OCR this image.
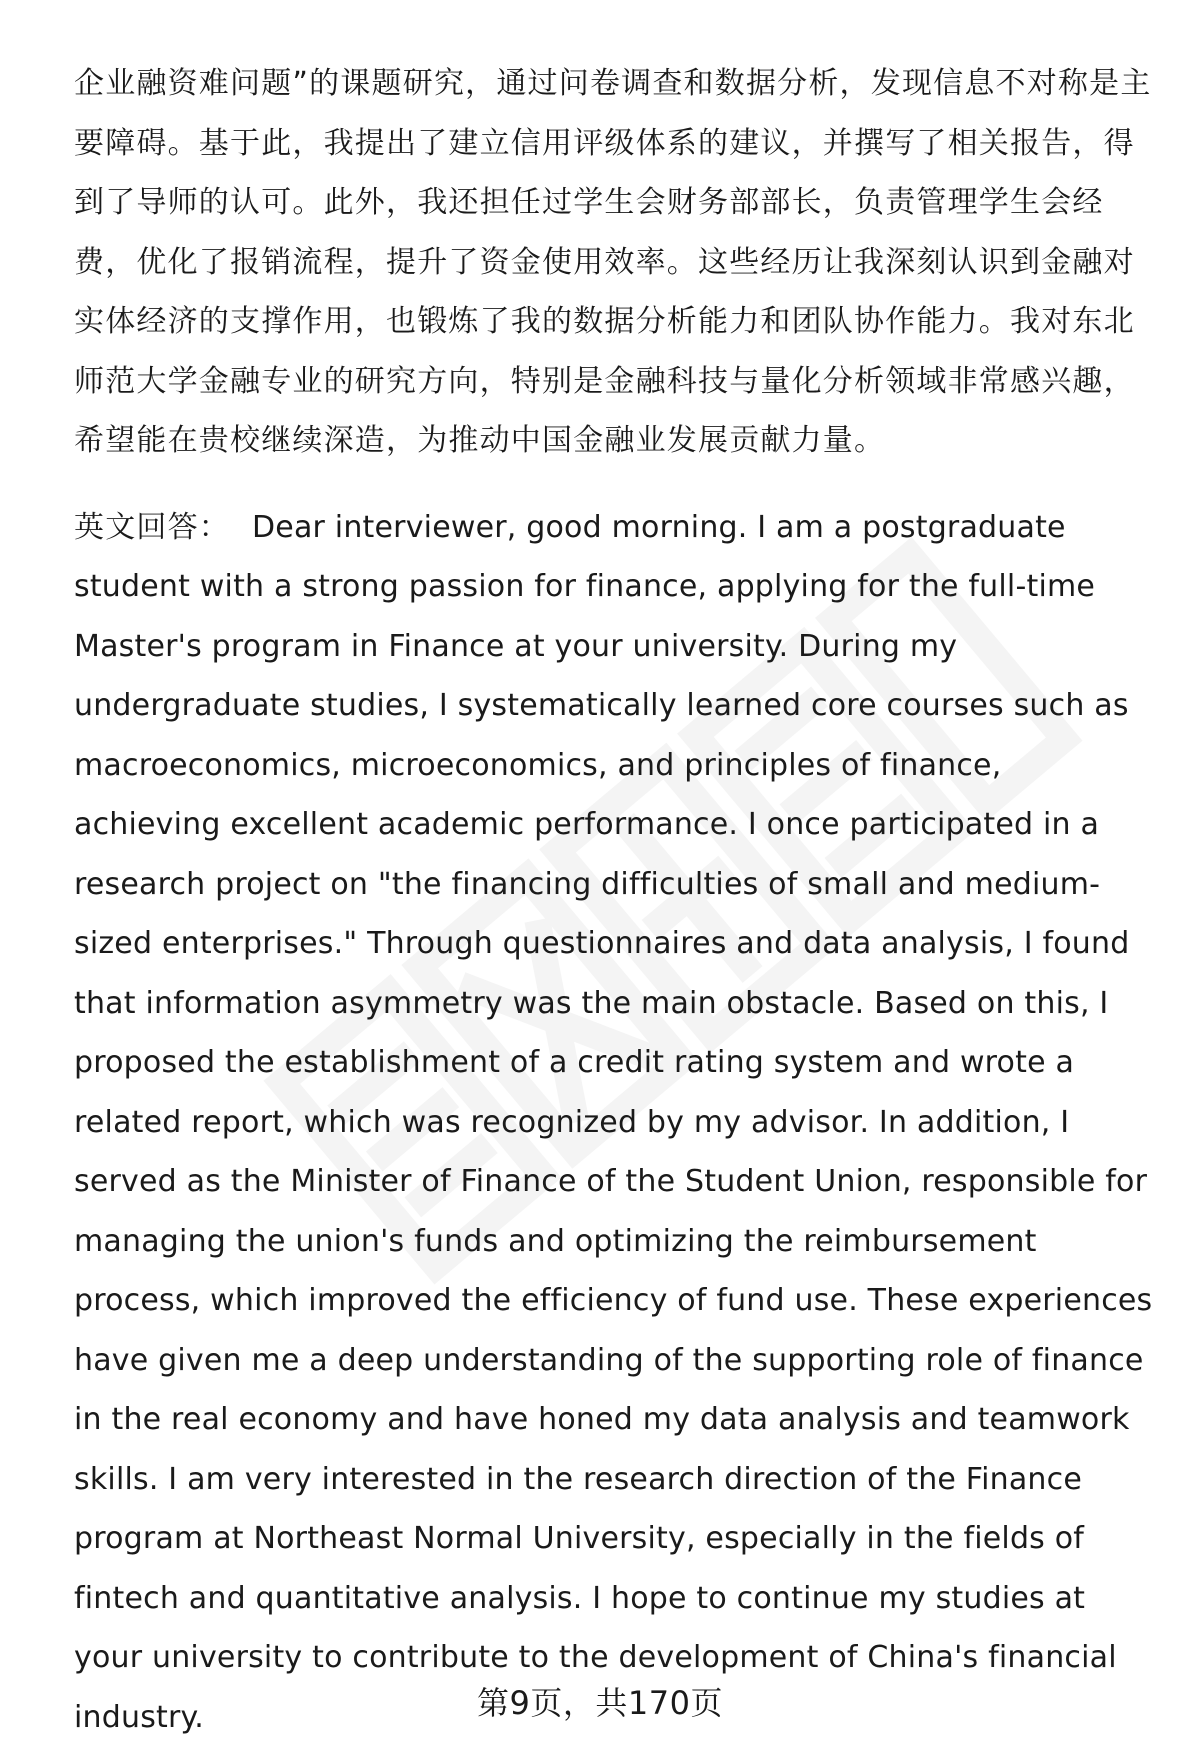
企业融资难问题”的课题研究，通过问卷调查和数据分析，发现信息不对称是主要障碍。基于此，我提出了建立信用评级体系的建议，并撰写了相关报告，得到了导师的认可。此外，我还担任过学生会财务部部长，负责管理学生会经费，优化了报销流程，提升了资金使用效率。这些经历让我深刻认识到金融对实体经济的支撑作用，也锻炼了我的数据分析能力和团队协作能力。我对东北师范大学金融专业的研究方向，特别是金融科技与量化分析领域非常感兴趣，希望能在贵校继续深造，为推动中国金融业发展贡献力量。

英文回答： Dear interviewer, good morning. I am a postgraduate student with a strong passion for finance, applying for the full-time Master's program in Finance at your university. During my undergraduate studies, I systematically learned core courses such as macroeconomics, microeconomics, and principles of finance, achieving excellent academic performance. I once participated in a research project on "the financing difficulties of small and medium-sized enterprises." Through questionnaires and data analysis, I found that information asymmetry was the main obstacle. Based on this, I proposed the establishment of a credit rating system and wrote a related report, which was recognized by my advisor. In addition, I served as the Minister of Finance of the Student Union, responsible for managing the union's funds and optimizing the reimbursement process, which improved the efficiency of fund use. These experiences have given me a deep understanding of the supporting role of finance in the real economy and have honed my data analysis and teamwork skills. I am very interested in the research direction of the Finance program at Northeast Normal University, especially in the fields of fintech and quantitative analysis. I hope to continue my studies at your university to contribute to the development of China's financial industry.	第9页，共170页
